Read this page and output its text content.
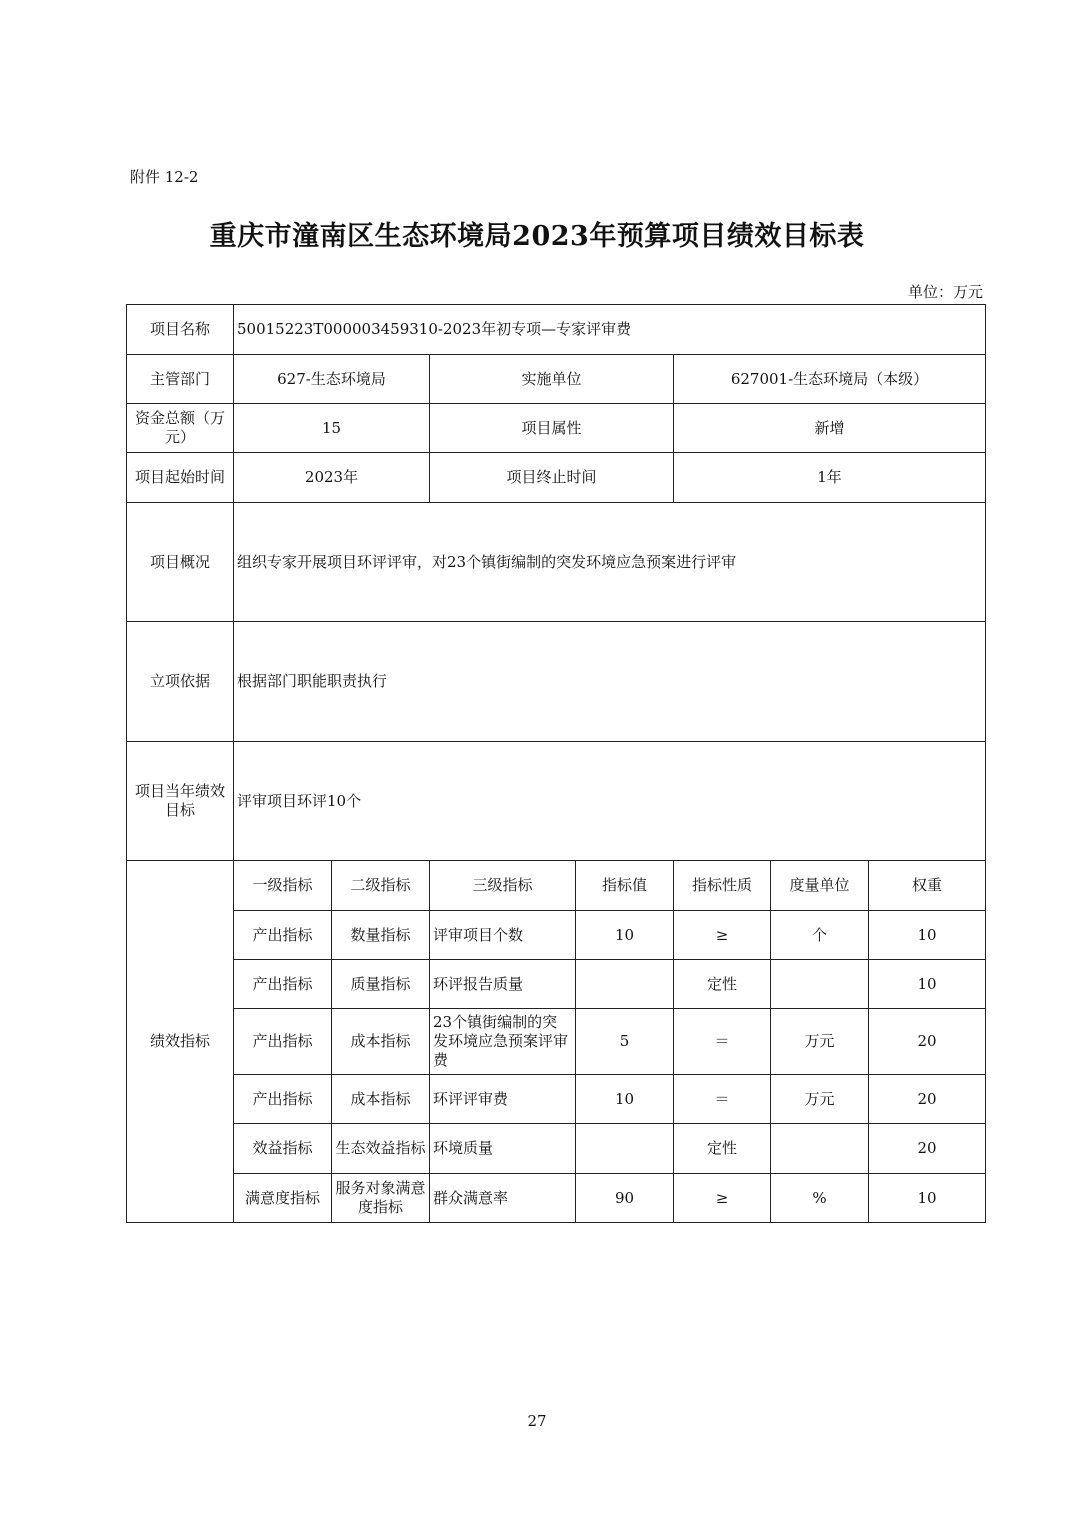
附件 12-2
重庆市潼南区生态环境局2023年预算项目绩效目标表
单位：万元
项目名称	50015223T000003459310-2023年初专项—专家评审费						
主管部门	627-生态环境局		实施单位		627001-生态环境局（本级）		
资金总额（万元）	15		项目属性		新增		
项目起始时间	2023年		项目终止时间		1年		
项目概况	组织专家开展项目环评评审，对23个镇街编制的突发环境应急预案进行评审						
立项依据	根据部门职能职责执行						
项目当年绩效目标	评审项目环评10个						
绩效指标	一级指标	二级指标	三级指标	指标值	指标性质	度量单位	权重
	产出指标	数量指标	评审项目个数	10	≥	个	10
	产出指标	质量指标	环评报告质量		定性		10
	产出指标	成本指标	23个镇街编制的突发环境应急预案评审费	5	＝	万元	20
	产出指标	成本指标	环评评审费	10	＝	万元	20
	效益指标	生态效益指标	环境质量		定性		20
	满意度指标	服务对象满意度指标	群众满意率	90	≥	%	10
27
